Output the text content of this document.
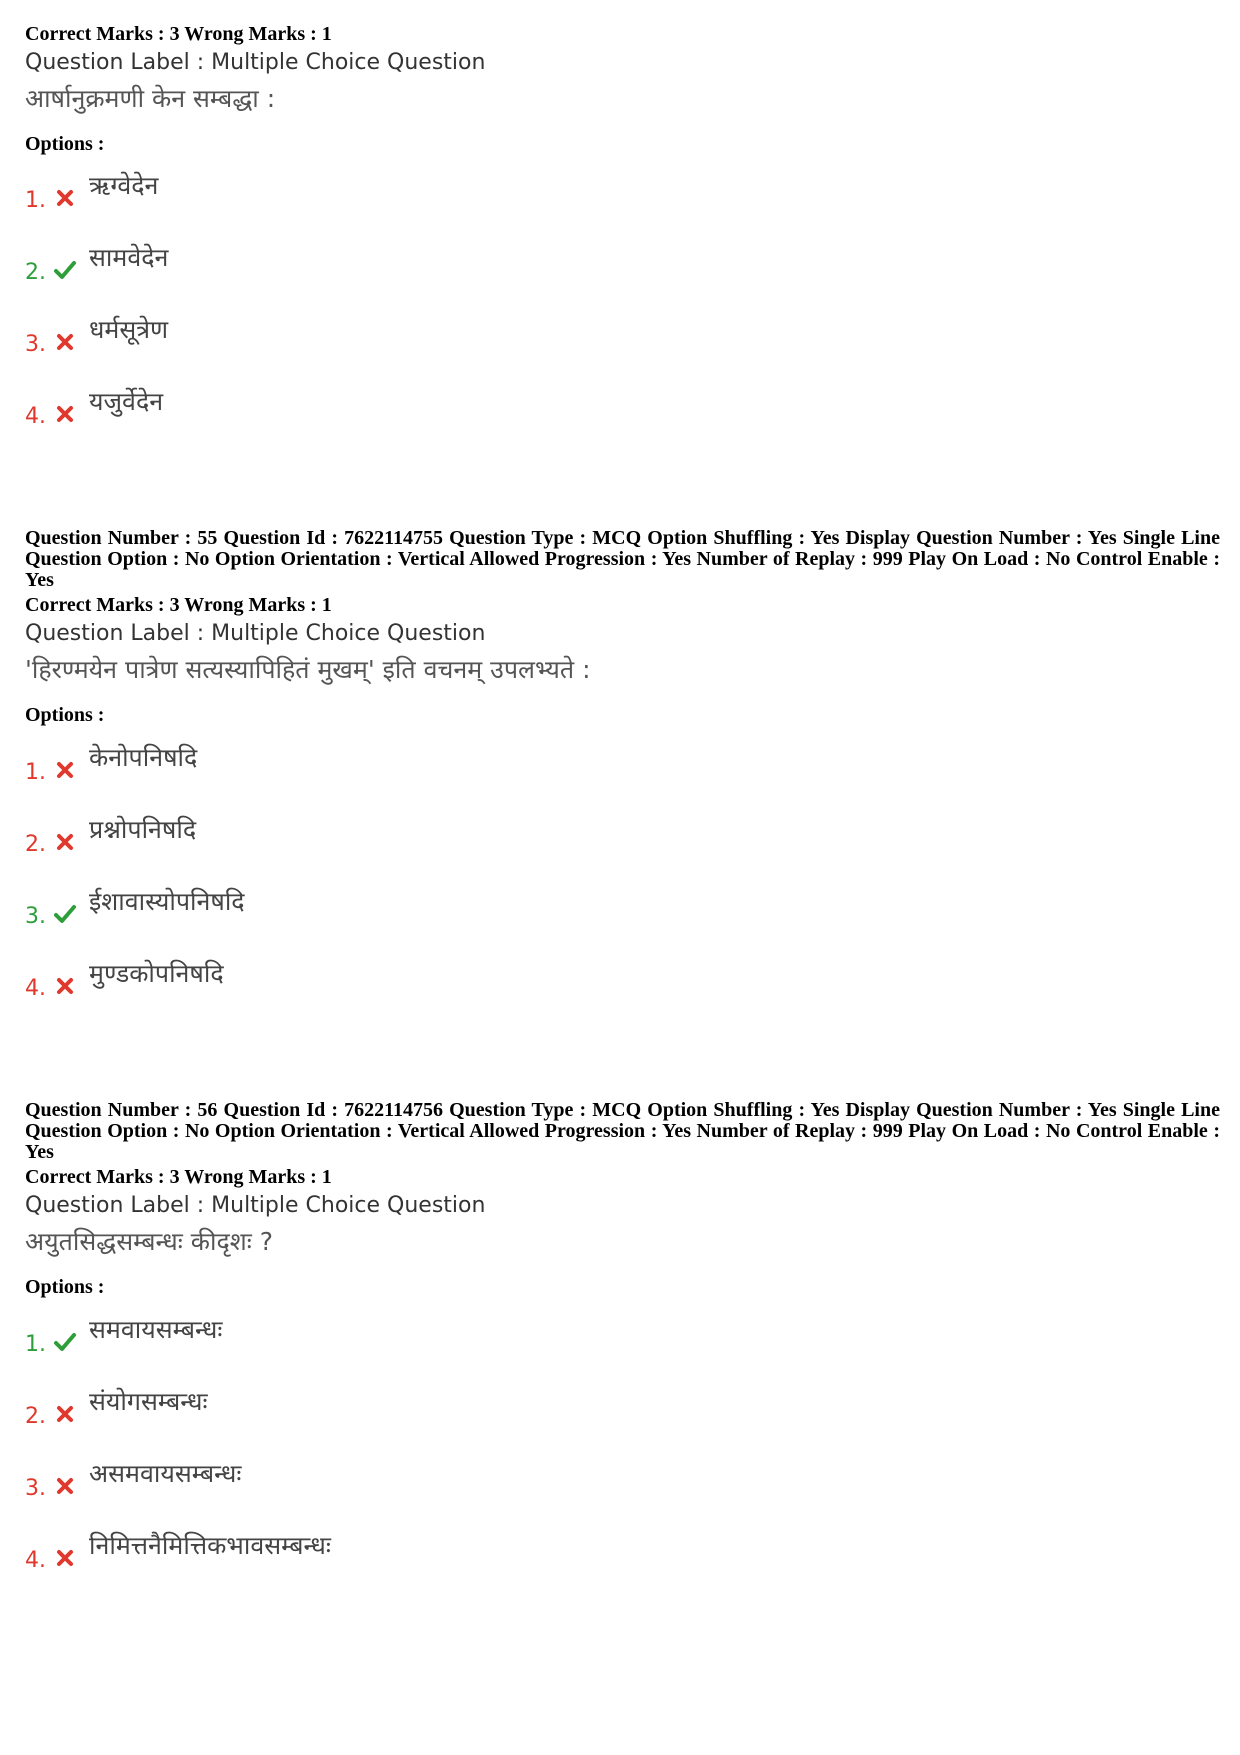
Correct Marks : 3 Wrong Marks : 1

Question Label : Multiple Choice Question

आर्षानुक्रमणी केन सम्बद्धा :

Options :

1.
ऋग्वेदेन
2.
सामवेदेन
3.
धर्मसूत्रेण
4.
यजुर्वेदेन

Question Number : 55 Question Id : 7622114755 Question Type : MCQ Option Shuffling : Yes Display Question Number : Yes Single Line Question Option : No Option Orientation : Vertical Allowed Progression : Yes Number of Replay : 999 Play On Load : No Control Enable : Yes

Correct Marks : 3 Wrong Marks : 1

Question Label : Multiple Choice Question

'हिरण्मयेन पात्रेण सत्यस्यापिहितं मुखम्' इति वचनम् उपलभ्यते :

Options :

1.
केनोपनिषदि
2.
प्रश्नोपनिषदि
3.
ईशावास्योपनिषदि
4.
मुण्डकोपनिषदि

Question Number : 56 Question Id : 7622114756 Question Type : MCQ Option Shuffling : Yes Display Question Number : Yes Single Line Question Option : No Option Orientation : Vertical Allowed Progression : Yes Number of Replay : 999 Play On Load : No Control Enable : Yes

Correct Marks : 3 Wrong Marks : 1

Question Label : Multiple Choice Question

अयुतसिद्धसम्बन्धः कीदृशः ?

Options :

1.
समवायसम्बन्धः
2.
संयोगसम्बन्धः
3.
असमवायसम्बन्धः
4.
निमित्तनैमित्तिकभावसम्बन्धः
